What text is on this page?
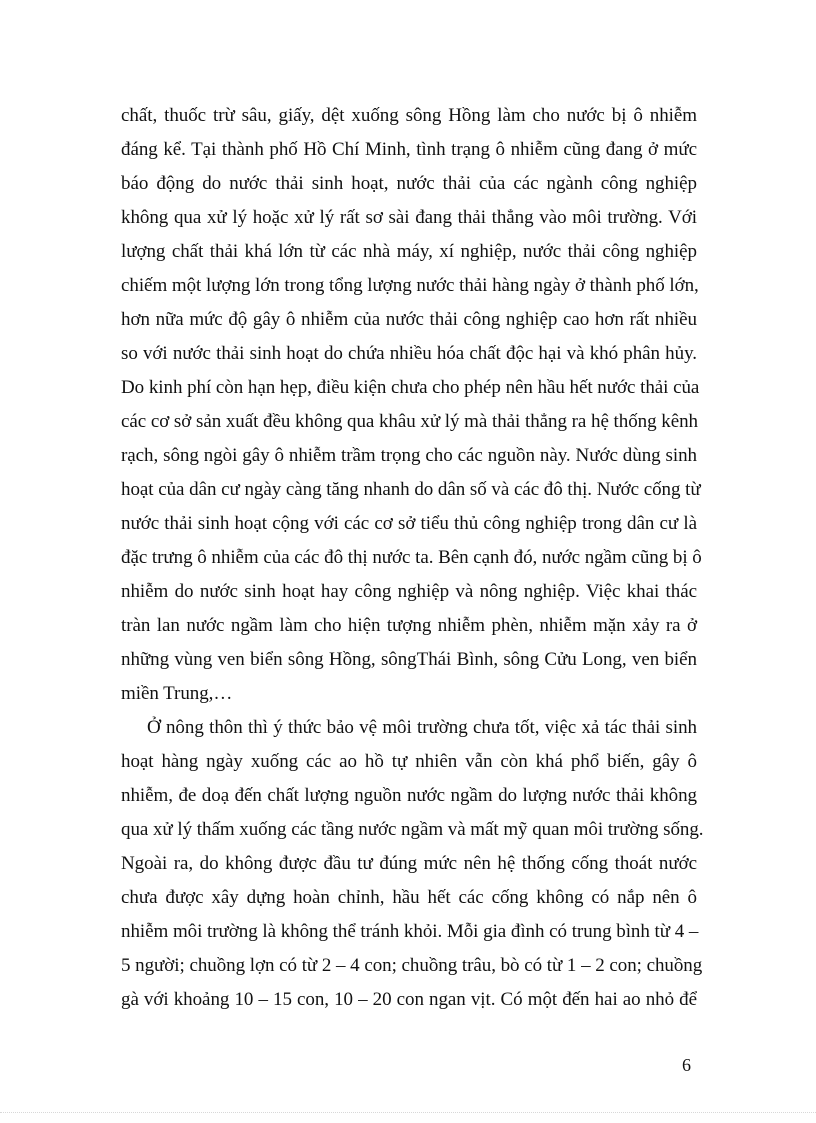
chất, thuốc trừ sâu, giấy, dệt xuống sông Hồng làm cho nước bị ô nhiễm
đáng kể. Tại thành phố Hồ Chí Minh, tình trạng ô nhiễm cũng đang ở mức
báo động do nước thải sinh hoạt, nước thải của các ngành công nghiệp
không qua xử lý hoặc xử lý rất sơ sài đang thải thẳng vào môi trường. Với
lượng chất thải khá lớn từ các nhà máy, xí nghiệp, nước thải công nghiệp
chiếm một lượng lớn trong tổng lượng nước thải hàng ngày ở thành phố lớn,
hơn nữa mức độ gây ô nhiễm của nước thải công nghiệp cao hơn rất nhiều
so với nước thải sinh hoạt do chứa nhiều hóa chất độc hại và khó phân hủy.
Do kinh phí còn hạn hẹp, điều kiện chưa cho phép nên hầu hết nước thải của
các cơ sở sản xuất đều không qua khâu xử lý mà thải thẳng ra hệ thống kênh
rạch, sông ngòi gây ô nhiễm trầm trọng cho các nguồn này. Nước dùng sinh
hoạt của dân cư ngày càng tăng nhanh do dân số và các đô thị. Nước cống từ
nước thải sinh hoạt cộng với các cơ sở tiểu thủ công nghiệp trong dân cư là
đặc trưng ô nhiễm của các đô thị nước ta. Bên cạnh đó, nước ngầm cũng bị ô
nhiễm do nước sinh hoạt hay công nghiệp và nông nghiệp. Việc khai thác
tràn lan nước ngầm làm cho hiện tượng nhiễm phèn, nhiễm mặn xảy ra ở
những vùng ven biển sông Hồng, sôngThái Bình, sông Cửu Long, ven biển
miền Trung,…
Ở nông thôn thì ý thức bảo vệ môi trường chưa tốt, việc xả tác thải sinh
hoạt hàng ngày xuống các ao hồ tự nhiên vẫn còn khá phổ biến, gây ô
nhiễm, đe doạ đến chất lượng nguồn nước ngầm do lượng nước thải không
qua xử lý thấm xuống các tầng nước ngầm và mất mỹ quan môi trường sống.
Ngoài ra, do không được đầu tư đúng mức nên hệ thống cống thoát nước
chưa được xây dựng hoàn chỉnh, hầu hết các cống không có nắp nên ô
nhiễm môi trường là không thể tránh khỏi. Mỗi gia đình có trung bình từ 4 –
5 người; chuồng lợn có từ 2 – 4 con; chuồng trâu, bò có từ 1 – 2 con; chuồng
gà với khoảng 10 – 15 con, 10 – 20 con ngan vịt. Có một đến hai ao nhỏ để
6
